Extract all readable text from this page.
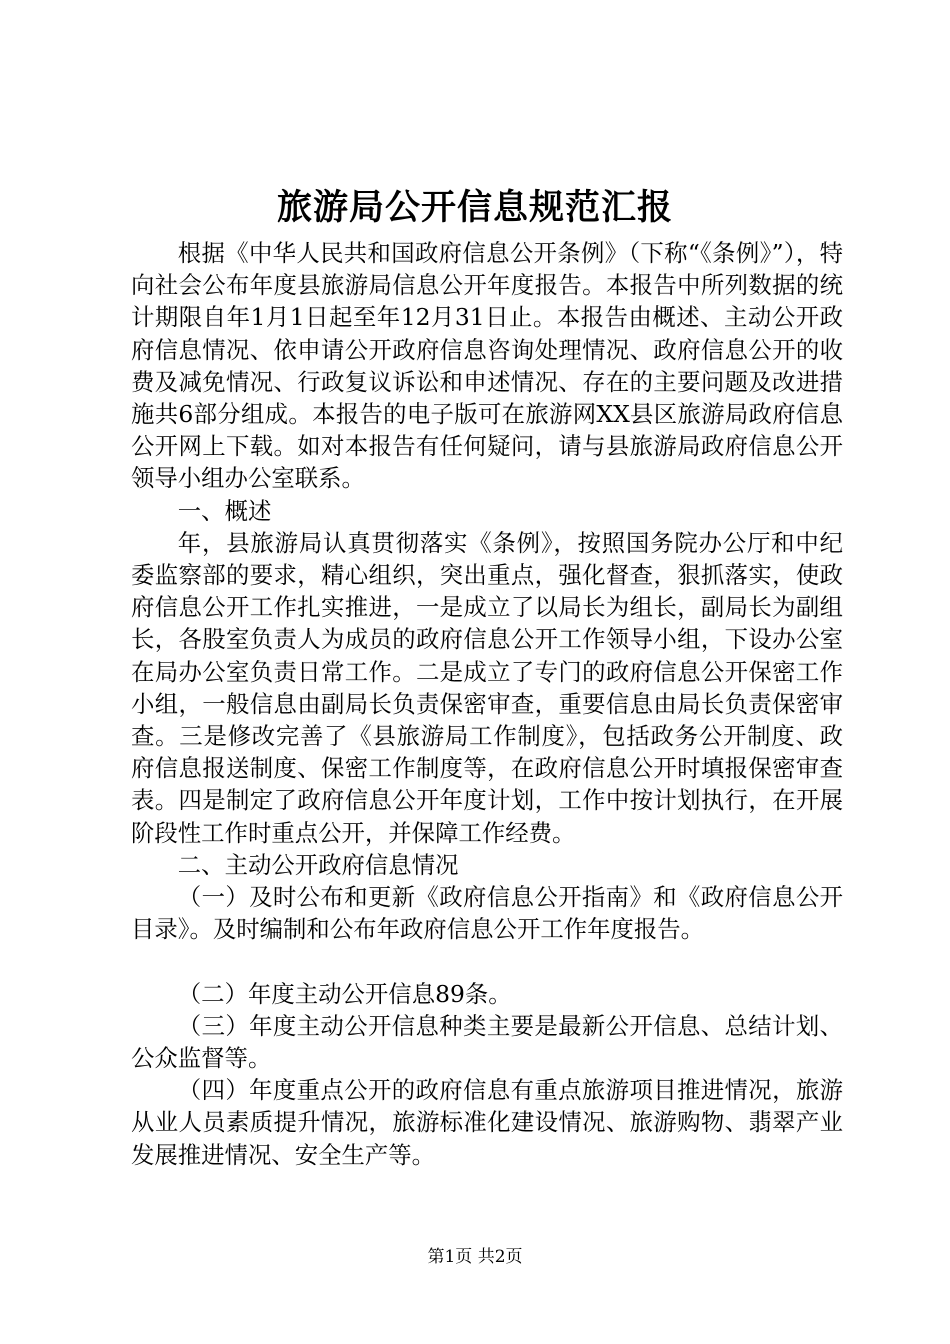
旅游局公开信息规范汇报

根据《中华人民共和国政府信息公开条例》（下称“《条例》”），特向社会公布年度县旅游局信息公开年度报告。本报告中所列数据的统计期限自年1月1日起至年12月31日止。本报告由概述、主动公开政府信息情况、依申请公开政府信息咨询处理情况、政府信息公开的收费及减免情况、行政复议诉讼和申述情况、存在的主要问题及改进措施共6部分组成。本报告的电子版可在旅游网XX县区旅游局政府信息公开网上下载。如对本报告有任何疑问，请与县旅游局政府信息公开领导小组办公室联系。

一、概述

年，县旅游局认真贯彻落实《条例》，按照国务院办公厅和中纪委监察部的要求，精心组织，突出重点，强化督查，狠抓落实，使政府信息公开工作扎实推进，一是成立了以局长为组长，副局长为副组长，各股室负责人为成员的政府信息公开工作领导小组，下设办公室在局办公室负责日常工作。二是成立了专门的政府信息公开保密工作小组，一般信息由副局长负责保密审查，重要信息由局长负责保密审查。三是修改完善了《县旅游局工作制度》，包括政务公开制度、政府信息报送制度、保密工作制度等，在政府信息公开时填报保密审查表。四是制定了政府信息公开年度计划，工作中按计划执行，在开展阶段性工作时重点公开，并保障工作经费。

二、主动公开政府信息情况

（一）及时公布和更新《政府信息公开指南》和《政府信息公开目录》。及时编制和公布年政府信息公开工作年度报告。

（二）年度主动公开信息89条。

（三）年度主动公开信息种类主要是最新公开信息、总结计划、公众监督等。

（四）年度重点公开的政府信息有重点旅游项目推进情况，旅游从业人员素质提升情况，旅游标准化建设情况、旅游购物、翡翠产业发展推进情况、安全生产等。

第1页 共2页
